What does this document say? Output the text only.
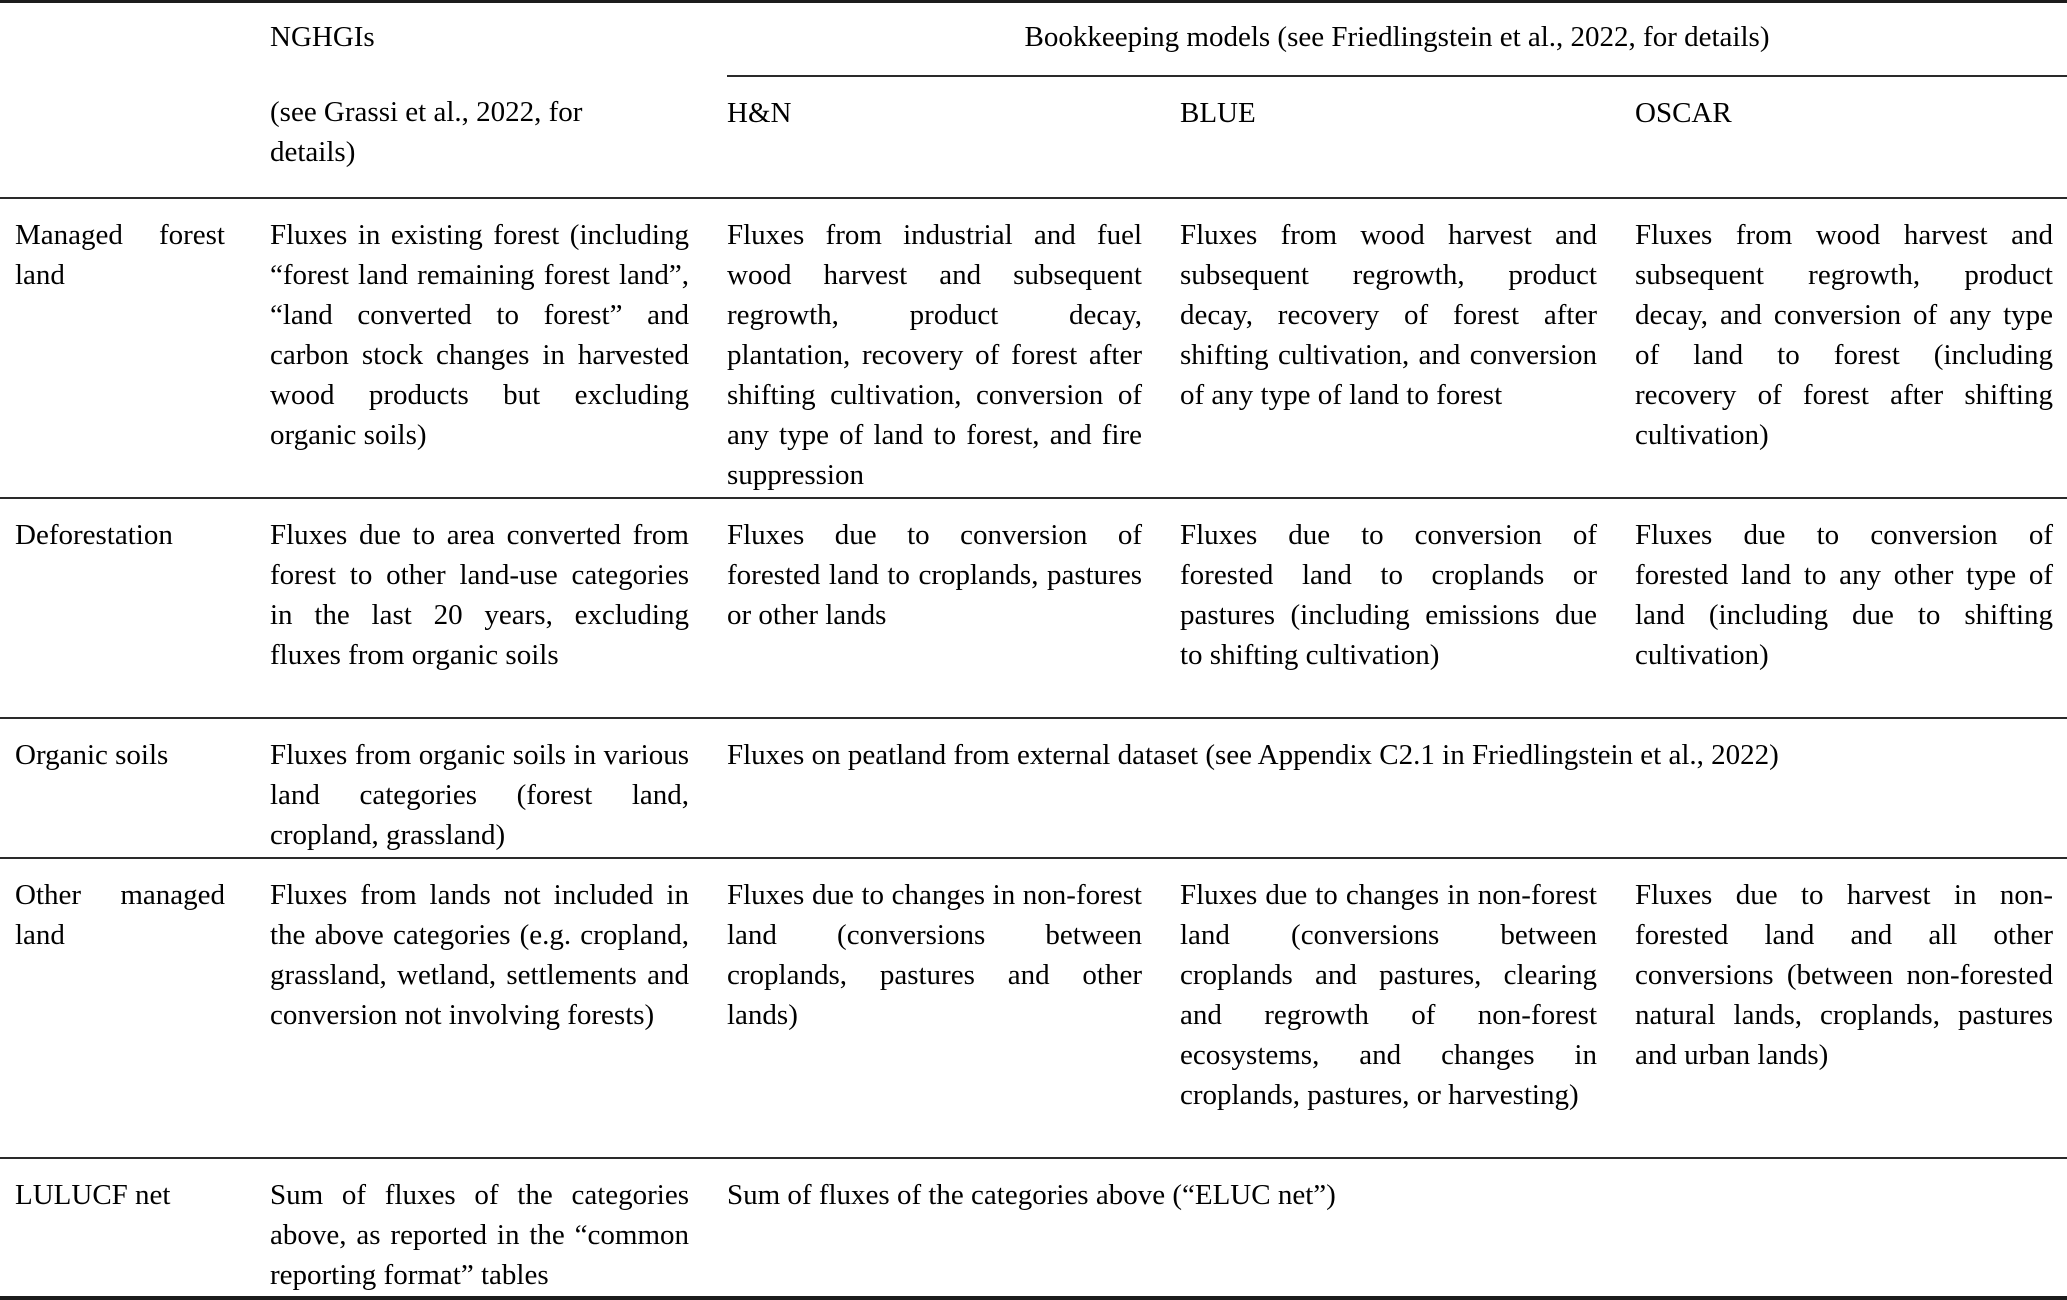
	NGHGIs	Bookkeeping models (see Friedlingstein et al., 2022, for details)		
	(see Grassi et al., 2022, for details)	H&N	BLUE	OSCAR

Managed forest land	Fluxes in existing forest (including “forest land remaining forest land”, “land converted to forest” and carbon stock changes in harvested wood products but excluding organic soils)	Fluxes from industrial and fuel wood harvest and subsequent regrowth, product decay, plantation, recovery of forest after shifting cultivation, conversion of any type of land to forest, and fire suppression	Fluxes from wood harvest and subsequent regrowth, product decay, recovery of forest after shifting cultivation, and conversion of any type of land to forest	Fluxes from wood harvest and subsequent regrowth, product decay, and conversion of any type of land to forest (including recovery of forest after shifting cultivation)

Deforestation	Fluxes due to area converted from forest to other land-use categories in the last 20 years, excluding fluxes from organic soils	Fluxes due to conversion of forested land to croplands, pastures or other lands	Fluxes due to conversion of forested land to croplands or pastures (including emissions due to shifting cultivation)	Fluxes due to conversion of forested land to any other type of land (including due to shifting cultivation)

Organic soils	Fluxes from organic soils in various land categories (forest land, cropland, grassland)	Fluxes on peatland from external dataset (see Appendix C2.1 in Friedlingstein et al., 2022)		

Other managed land	Fluxes from lands not included in the above categories (e.g. cropland, grassland, wetland, settlements and conversion not involving forests)	Fluxes due to changes in non-forest land (conversions between croplands, pastures and other lands)	Fluxes due to changes in non-forest land (conversions between croplands and pastures, clearing and regrowth of non-forest ecosystems, and changes in croplands, pastures, or harvesting)	Fluxes due to harvest in non-forested land and all other conversions (between non-forested natural lands, croplands, pastures and urban lands)

LULUCF net	Sum of fluxes of the categories above, as reported in the “common reporting format” tables	Sum of fluxes of the categories above (“ELUC net”)		
